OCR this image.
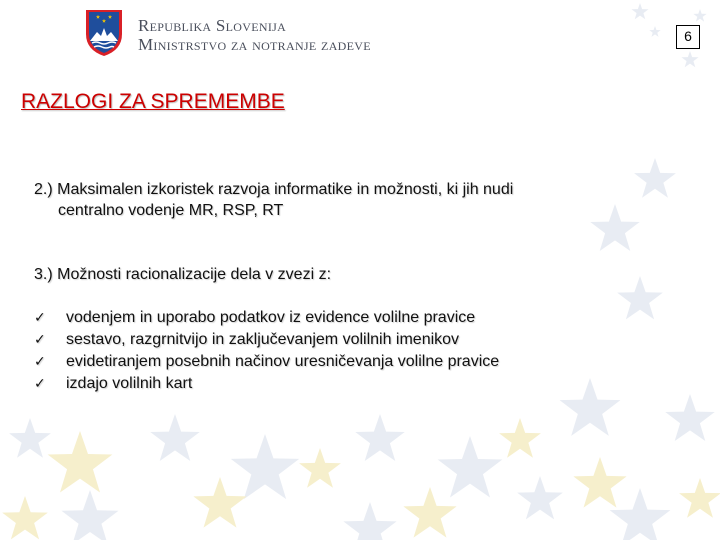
Republika Slovenija
Ministrstvo za notranje zadeve	6
RAZLOGI ZA SPREMEMBE

2.) Maksimalen izkoristek razvoja informatike in možnosti, ki jih nudi
centralno vodenje MR, RSP, RT

3.) Možnosti racionalizacije dela v zvezi z:

✓ vodenjem in uporabo podatkov iz evidence volilne pravice
✓ sestavo, razgrnitvijo in zaključevanjem volilnih imenikov
✓ evidetiranjem posebnih načinov uresničevanja volilne pravice
✓ izdajo volilnih kart
